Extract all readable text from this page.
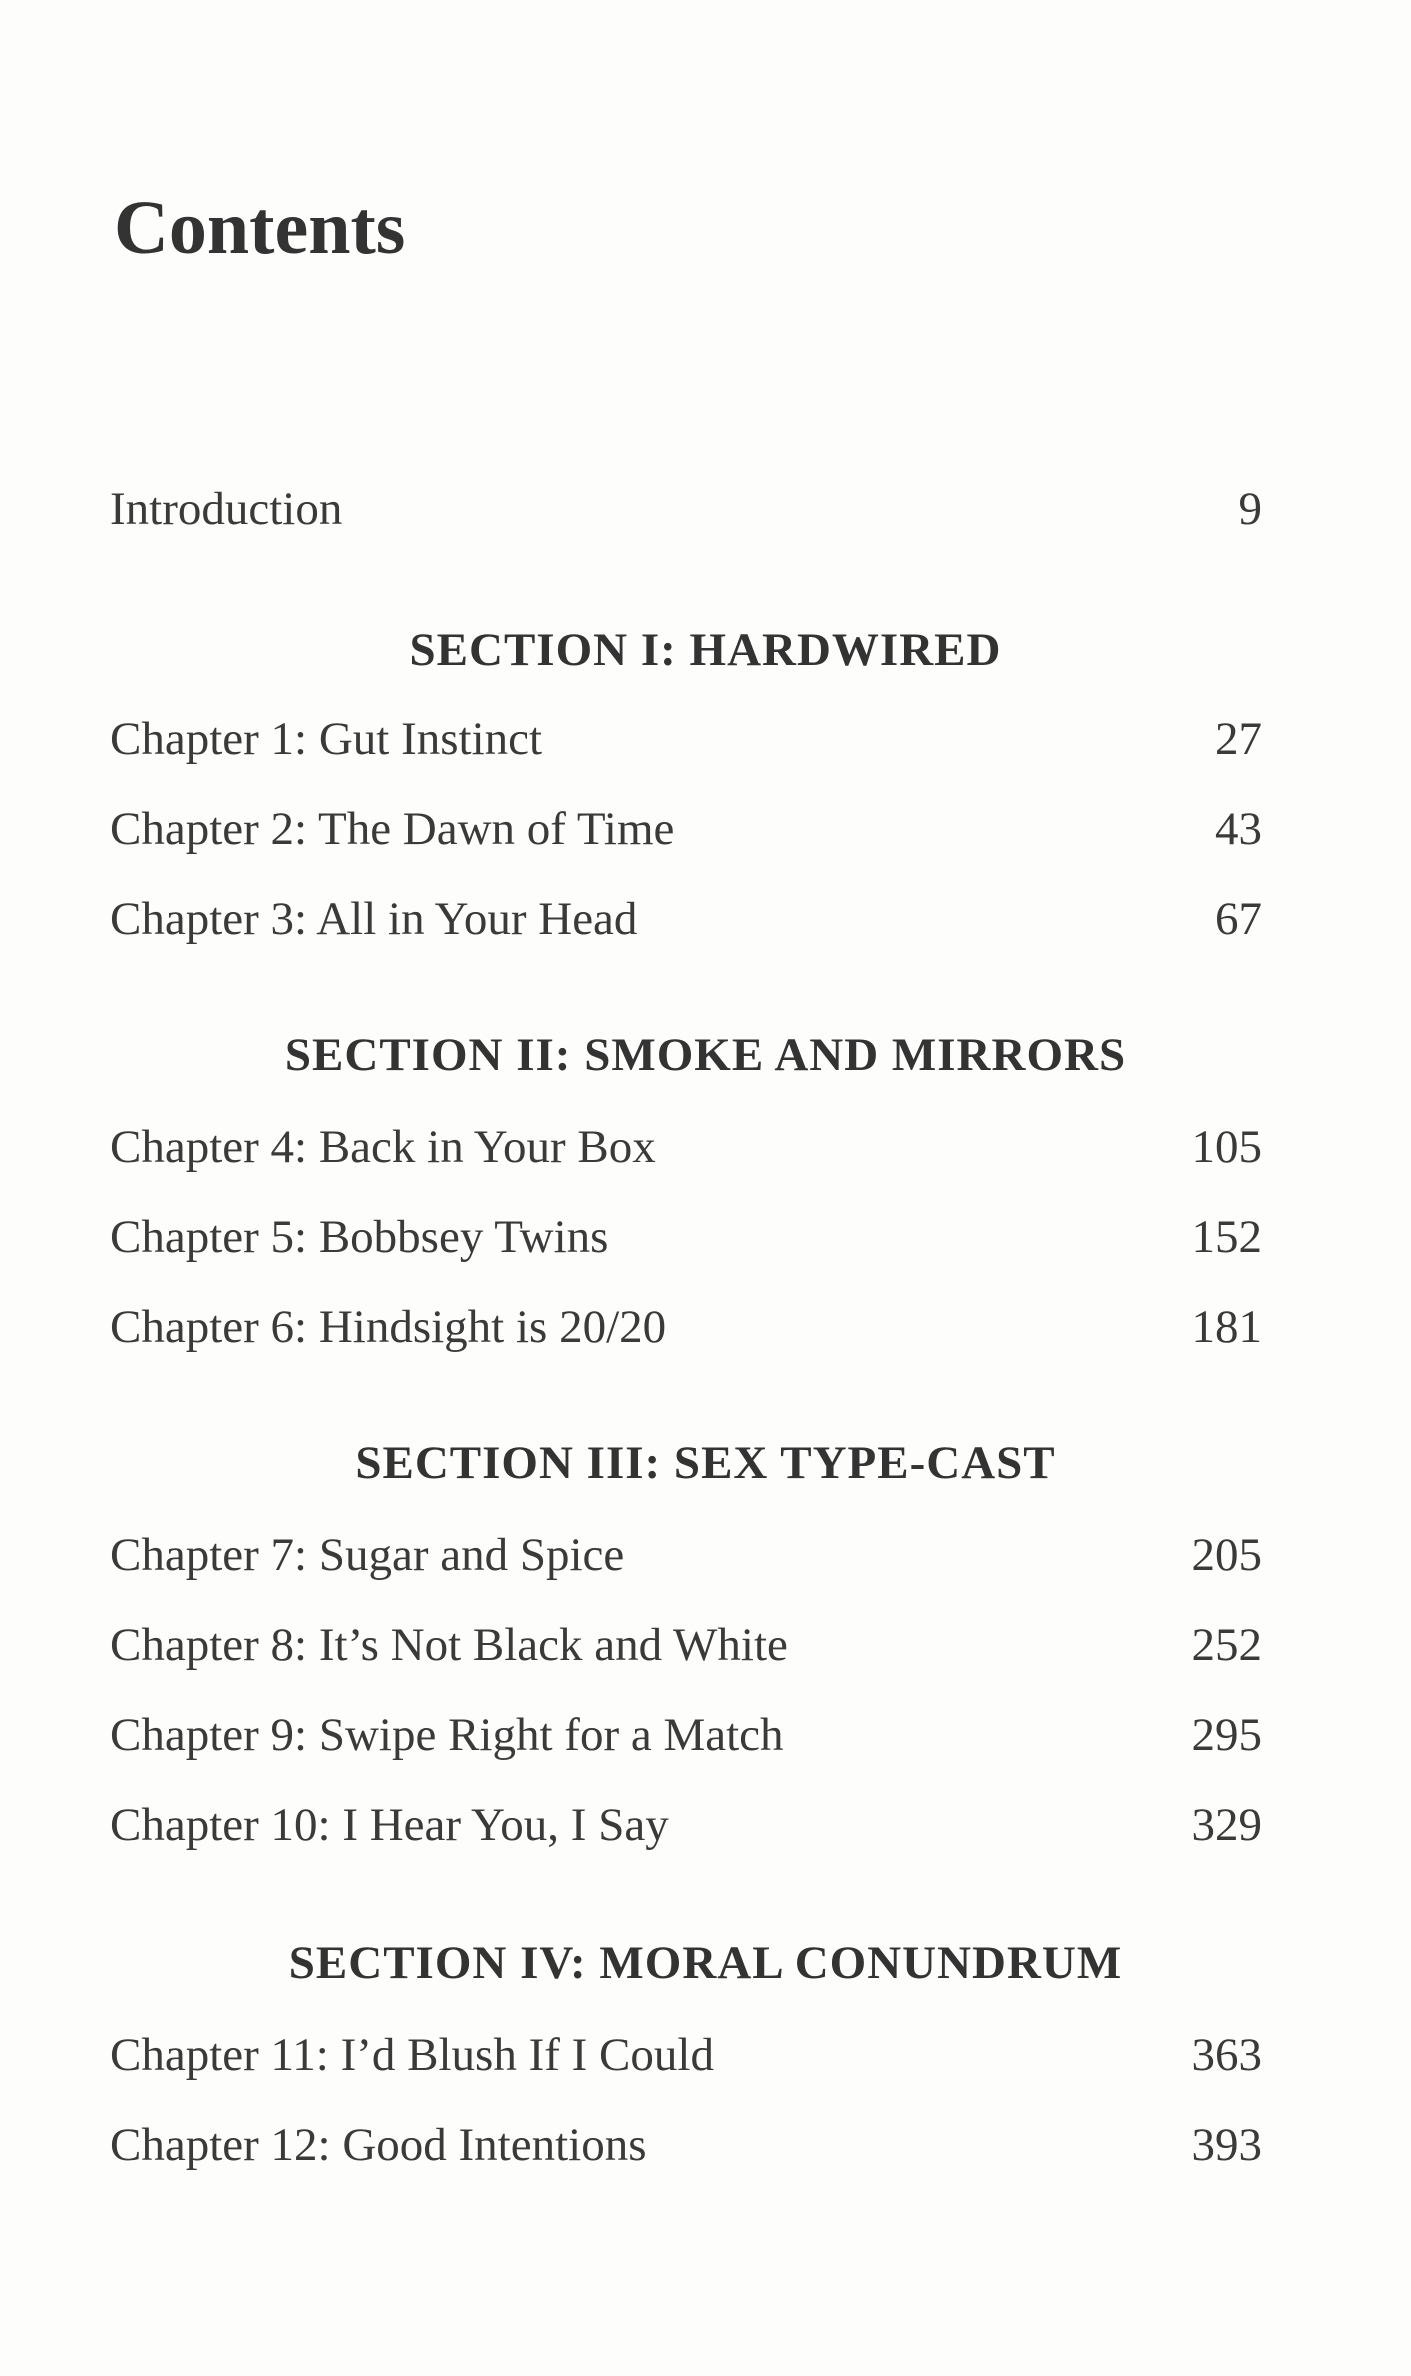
Contents
Introduction	9
SECTION I: HARDWIRED
Chapter 1: Gut Instinct	27
Chapter 2: The Dawn of Time	43
Chapter 3: All in Your Head	67
SECTION II: SMOKE AND MIRRORS
Chapter 4: Back in Your Box	105
Chapter 5: Bobbsey Twins	152
Chapter 6: Hindsight is 20/20	181
SECTION III: SEX TYPE-CAST
Chapter 7: Sugar and Spice	205
Chapter 8: It’s Not Black and White	252
Chapter 9: Swipe Right for a Match	295
Chapter 10: I Hear You, I Say	329
SECTION IV: MORAL CONUNDRUM
Chapter 11: I’d Blush If I Could	363
Chapter 12: Good Intentions	393
